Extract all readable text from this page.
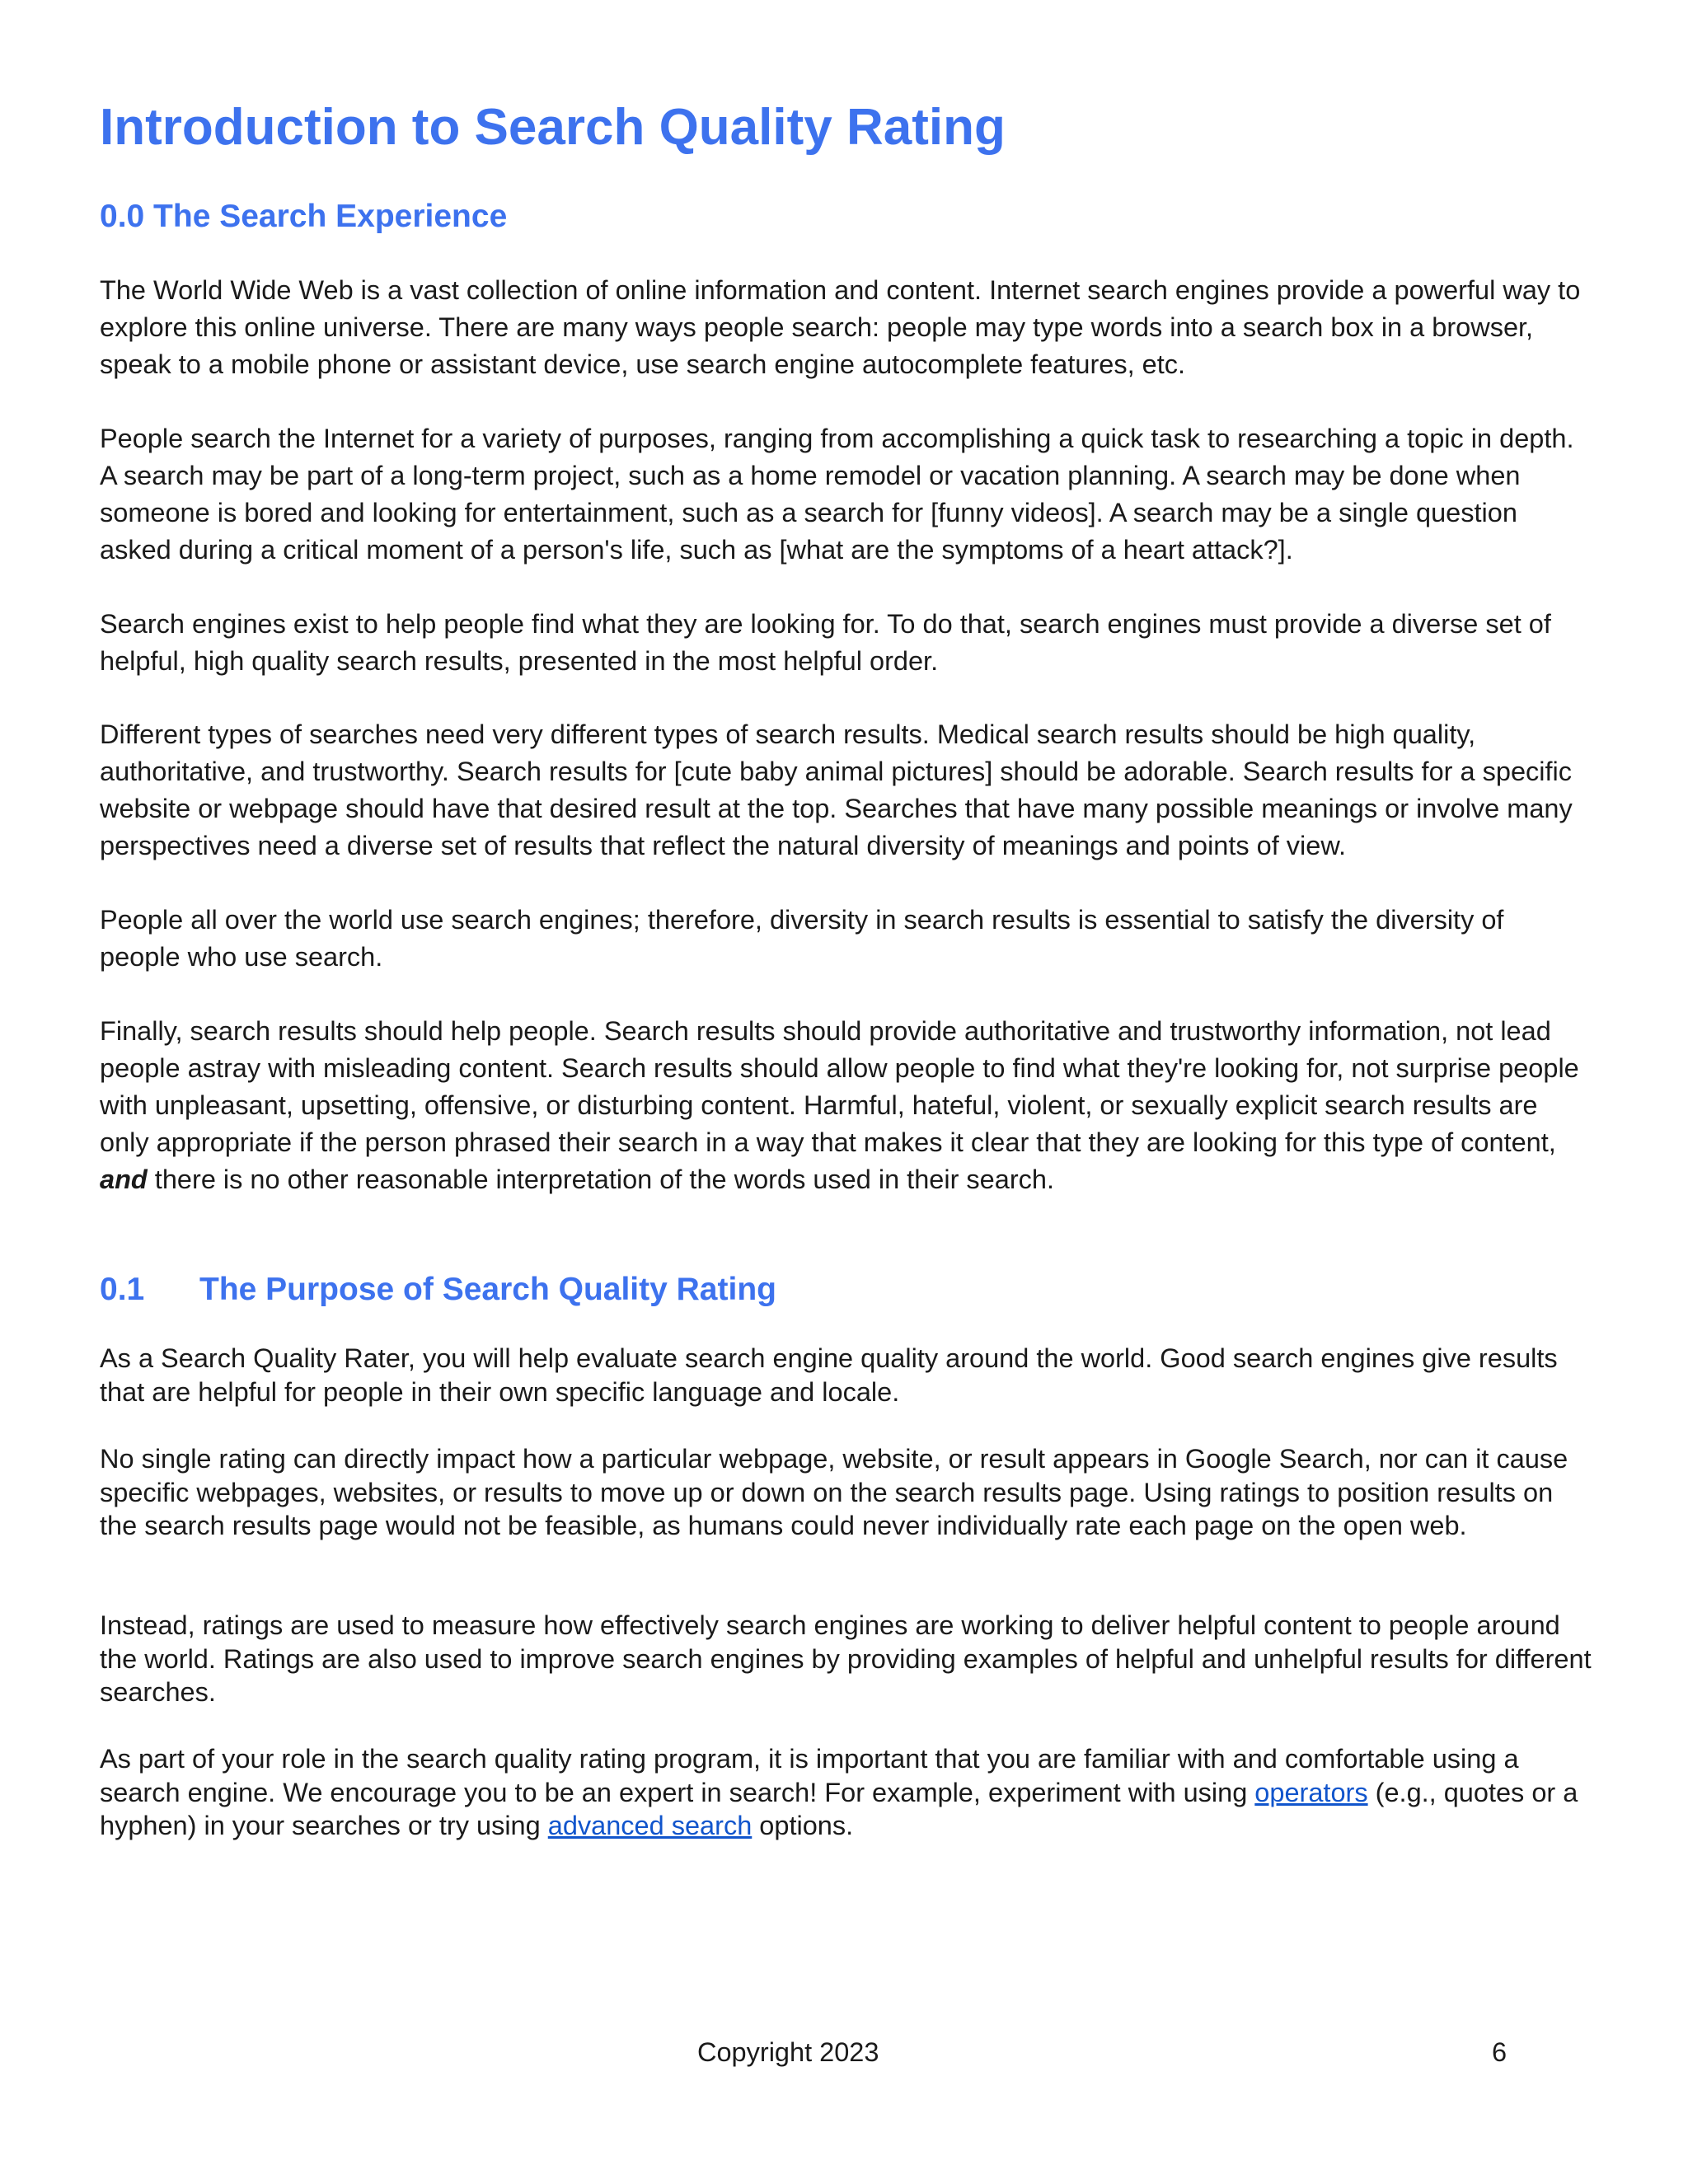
Introduction to Search Quality Rating
0.0 The Search Experience

The World Wide Web is a vast collection of online information and content. Internet search engines provide a powerful way to explore this online universe. There are many ways people search: people may type words into a search box in a browser, speak to a mobile phone or assistant device, use search engine autocomplete features, etc.

People search the Internet for a variety of purposes, ranging from accomplishing a quick task to researching a topic in depth. A search may be part of a long-term project, such as a home remodel or vacation planning. A search may be done when someone is bored and looking for entertainment, such as a search for [funny videos]. A search may be a single question asked during a critical moment of a person's life, such as [what are the symptoms of a heart attack?].

Search engines exist to help people find what they are looking for. To do that, search engines must provide a diverse set of helpful, high quality search results, presented in the most helpful order.

Different types of searches need very different types of search results. Medical search results should be high quality, authoritative, and trustworthy. Search results for [cute baby animal pictures] should be adorable. Search results for a specific website or webpage should have that desired result at the top. Searches that have many possible meanings or involve many perspectives need a diverse set of results that reflect the natural diversity of meanings and points of view.

People all over the world use search engines; therefore, diversity in search results is essential to satisfy the diversity of people who use search.

Finally, search results should help people. Search results should provide authoritative and trustworthy information, not lead people astray with misleading content. Search results should allow people to find what they're looking for, not surprise people with unpleasant, upsetting, offensive, or disturbing content. Harmful, hateful, violent, or sexually explicit search results are only appropriate if the person phrased their search in a way that makes it clear that they are looking for this type of content, and there is no other reasonable interpretation of the words used in their search.

0.1 The Purpose of Search Quality Rating

As a Search Quality Rater, you will help evaluate search engine quality around the world. Good search engines give results that are helpful for people in their own specific language and locale.

No single rating can directly impact how a particular webpage, website, or result appears in Google Search, nor can it cause specific webpages, websites, or results to move up or down on the search results page. Using ratings to position results on the search results page would not be feasible, as humans could never individually rate each page on the open web.

Instead, ratings are used to measure how effectively search engines are working to deliver helpful content to people around the world. Ratings are also used to improve search engines by providing examples of helpful and unhelpful results for different searches.

As part of your role in the search quality rating program, it is important that you are familiar with and comfortable using a search engine. We encourage you to be an expert in search! For example, experiment with using operators (e.g., quotes or a hyphen) in your searches or try using advanced search options.

Copyright 2023	6
